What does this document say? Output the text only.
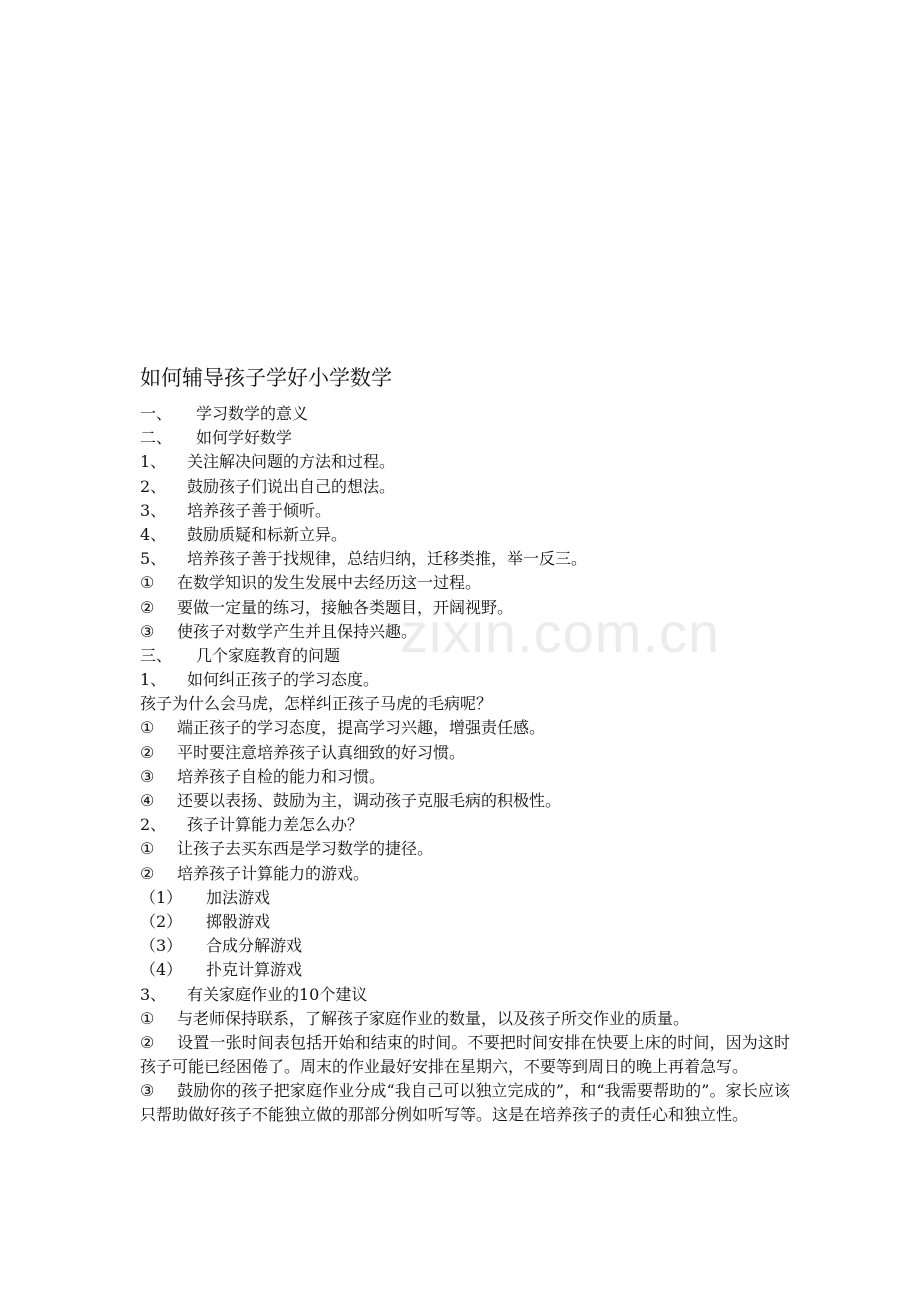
zixin.com.cn
如何辅导孩子学好小学数学
一、 学习数学的意义
二、 如何学好数学
1、 关注解决问题的方法和过程。
2、 鼓励孩子们说出自己的想法。
3、 培养孩子善于倾听。
4、 鼓励质疑和标新立异。
5、 培养孩子善于找规律，总结归纳，迁移类推，举一反三。
① 在数学知识的发生发展中去经历这一过程。
② 要做一定量的练习，接触各类题目，开阔视野。
③ 使孩子对数学产生并且保持兴趣。
三、 几个家庭教育的问题
1、 如何纠正孩子的学习态度。
孩子为什么会马虎，怎样纠正孩子马虎的毛病呢？
① 端正孩子的学习态度，提高学习兴趣，增强责任感。
② 平时要注意培养孩子认真细致的好习惯。
③ 培养孩子自检的能力和习惯。
④ 还要以表扬、鼓励为主，调动孩子克服毛病的积极性。
2、 孩子计算能力差怎么办？
① 让孩子去买东西是学习数学的捷径。
② 培养孩子计算能力的游戏。
（1） 加法游戏
（2） 掷骰游戏
（3） 合成分解游戏
（4） 扑克计算游戏
3、 有关家庭作业的10个建议
① 与老师保持联系，了解孩子家庭作业的数量，以及孩子所交作业的质量。
② 设置一张时间表包括开始和结束的时间。不要把时间安排在快要上床的时间，因为这时孩子可能已经困倦了。周末的作业最好安排在星期六，不要等到周日的晚上再着急写。
③ 鼓励你的孩子把家庭作业分成“我自己可以独立完成的”，和“我需要帮助的”。家长应该只帮助做好孩子不能独立做的那部分例如听写等。这是在培养孩子的责任心和独立性。
